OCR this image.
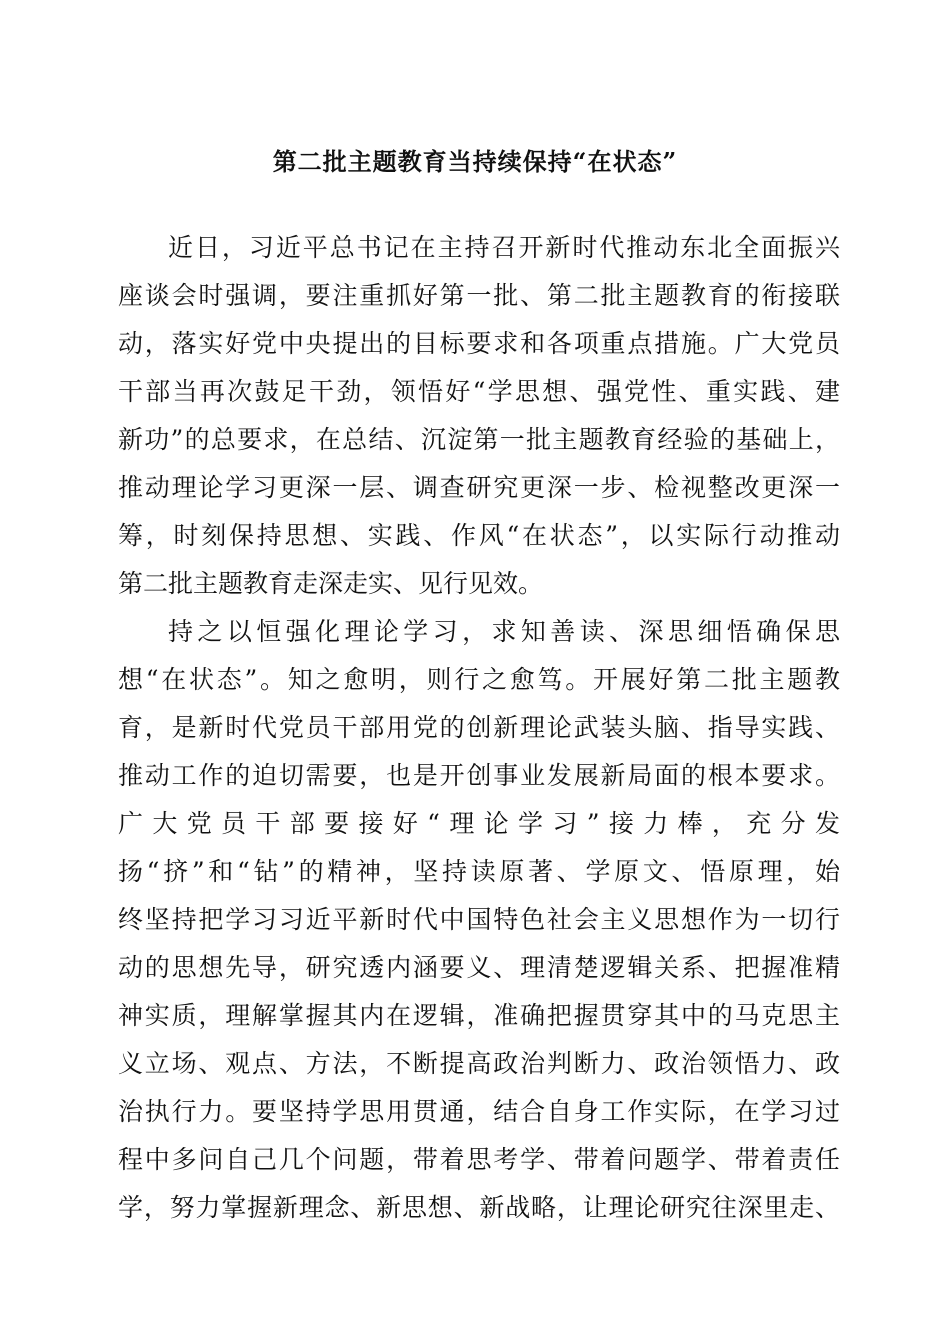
第二批主题教育当持续保持“在状态”
近日，习近平总书记在主持召开新时代推动东北全面振兴
座谈会时强调，要注重抓好第一批、第二批主题教育的衔接联
动，落实好党中央提出的目标要求和各项重点措施。广大党员
干部当再次鼓足干劲，领悟好“学思想、强党性、重实践、建
新功”的总要求，在总结、沉淀第一批主题教育经验的基础上，
推动理论学习更深一层、调查研究更深一步、检视整改更深一
筹，时刻保持思想、实践、作风“在状态”，以实际行动推动
第二批主题教育走深走实、见行见效。
持之以恒强化理论学习，求知善读、深思细悟确保思
想“在状态”。知之愈明，则行之愈笃。开展好第二批主题教
育，是新时代党员干部用党的创新理论武装头脑、指导实践、
推动工作的迫切需要，也是开创事业发展新局面的根本要求。
广大党员干部要接好“理论学习”接力棒，充分发
扬“挤”和“钻”的精神，坚持读原著、学原文、悟原理，始
终坚持把学习习近平新时代中国特色社会主义思想作为一切行
动的思想先导，研究透内涵要义、理清楚逻辑关系、把握准精
神实质，理解掌握其内在逻辑，准确把握贯穿其中的马克思主
义立场、观点、方法，不断提高政治判断力、政治领悟力、政
治执行力。要坚持学思用贯通，结合自身工作实际，在学习过
程中多问自己几个问题，带着思考学、带着问题学、带着责任
学，努力掌握新理念、新思想、新战略，让理论研究往深里走、
